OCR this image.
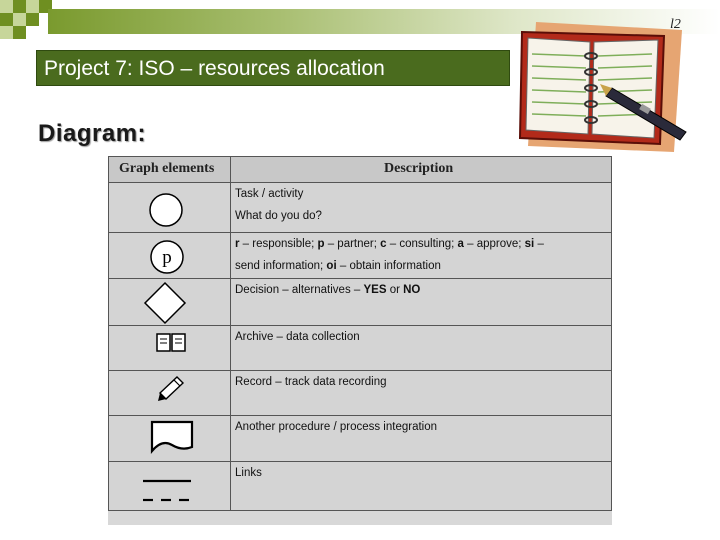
Project 7: ISO – resources allocation
Diagram:
l2
Graph elements	Description
Task / activity
What do you do?
p
r – responsible; p – partner; c – consulting; a – approve; si –
send information; oi – obtain information
Decision – alternatives – YES or NO
Archive – data collection
Record – track data recording
Another procedure / process integration
Links
